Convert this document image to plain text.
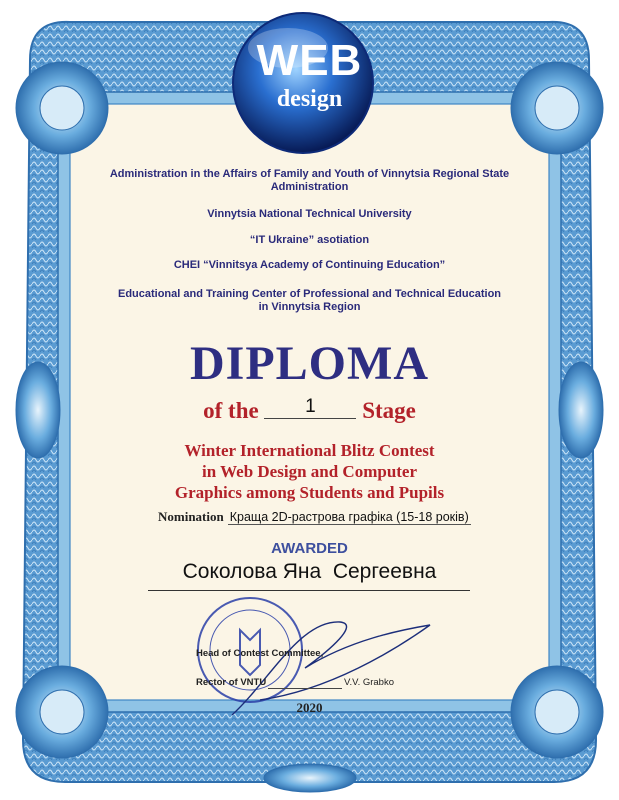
WEB
design
Administration in the Affairs of Family and Youth of Vinnytsia Regional State
Administration
Vinnytsia National Technical University
“IT Ukraine” asotiation
CHEI “Vinnitsya Academy of Continuing Education”
Educational and Training Center of Professional and Technical Education
in Vinnytsia Region
DIPLOMA
of the 1 Stage
Winter International Blitz Contest
in Web Design and Computer
Graphics among Students and Pupils
Nomination Краща 2D-растрова графіка (15-18 років)
AWARDED
Соколова Яна  Сергеевна
Head of Contest Committee,
Rector of VNTU	V.V. Grabko
2020
